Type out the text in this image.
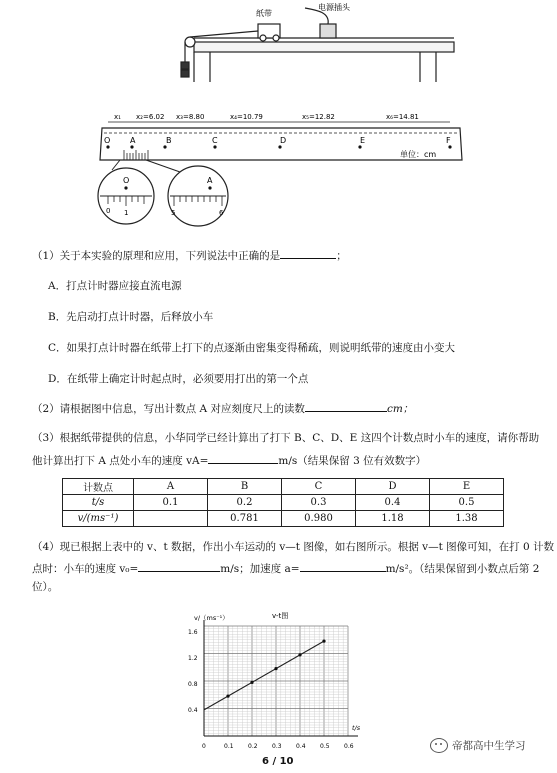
纸带
电源插头
x₁ x₂=6.02 x₃=8.80	x₄=10.79	x₅=12.82	x₆=14.81
O A	B	C	D	E	F
单位：cm
O
0 1
A
5	6
（1）关于本实验的原理和应用，下列说法中正确的是	；
A．打点计时器应接直流电源
B．先启动打点计时器，后释放小车
C．如果打点计时器在纸带上打下的点逐渐由密集变得稀疏，则说明纸带的速度由小变大
D．在纸带上确定计时起点时，必须要用打出的第一个点
（2）请根据图中信息，写出计数点 A 对应刻度尺上的读数	cm；
（3）根据纸带提供的信息，小华同学已经计算出了打下 B、C、D、E 这四个计数点时小车的速度，请你帮助
他计算出打下 A 点处小车的速度 vA=	m/s（结果保留 3 位有效数字）
计数点	A	B	C	D	E
t/s	0.1	0.2	0.3	0.4	0.5
v/(ms⁻¹)		0.781	0.980	1.18	1.38
（4）现已根据上表中的 v、t 数据，作出小车运动的 v—t 图像，如右图所示。根据 v—t 图像可知，在打 0 计数
点时：小车的速度 v₀=	m/s；加速度 a=	m/s²。（结果保留到小数点后第 2
位）。
v-t图
v/（ms⁻¹）
t/s
0	0.1 0.2 0.3 0.4 0.5 0.6
0.4
0.8
1.2
1.6
6 / 10
帝都高中生学习
